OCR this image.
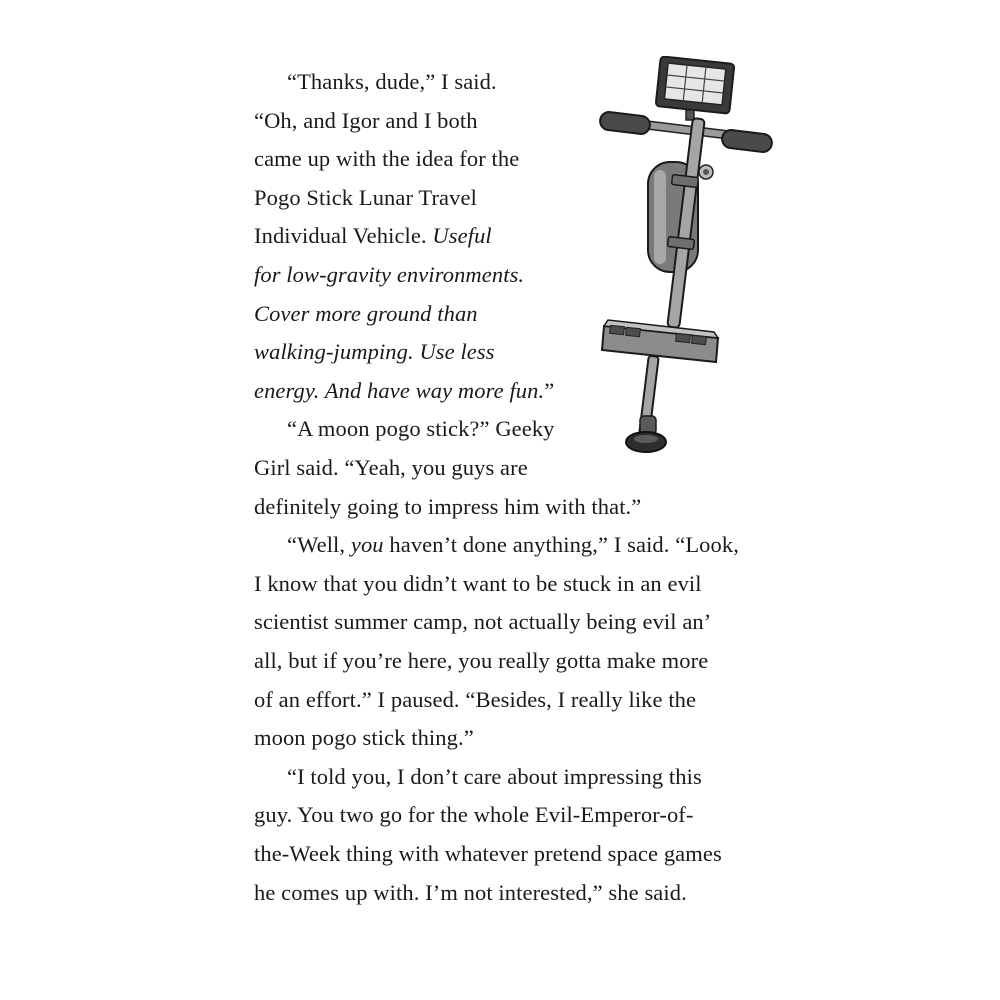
“Thanks, dude,” I said.
“Oh, and Igor and I both
came up with the idea for the
Pogo Stick Lunar Travel
Individual Vehicle. Useful
for low-gravity environments.
Cover more ground than
walking-jumping. Use less
energy. And have way more fun.”
“A moon pogo stick?” Geeky
Girl said. “Yeah, you guys are
definitely going to impress him with that.”
“Well, you haven’t done anything,” I said. “Look,
I know that you didn’t want to be stuck in an evil
scientist summer camp, not actually being evil an’
all, but if you’re here, you really gotta make more
of an effort.” I paused. “Besides, I really like the
moon pogo stick thing.”
“I told you, I don’t care about impressing this
guy. You two go for the whole Evil-Emperor-of-
the-Week thing with whatever pretend space games
he comes up with. I’m not interested,” she said.
